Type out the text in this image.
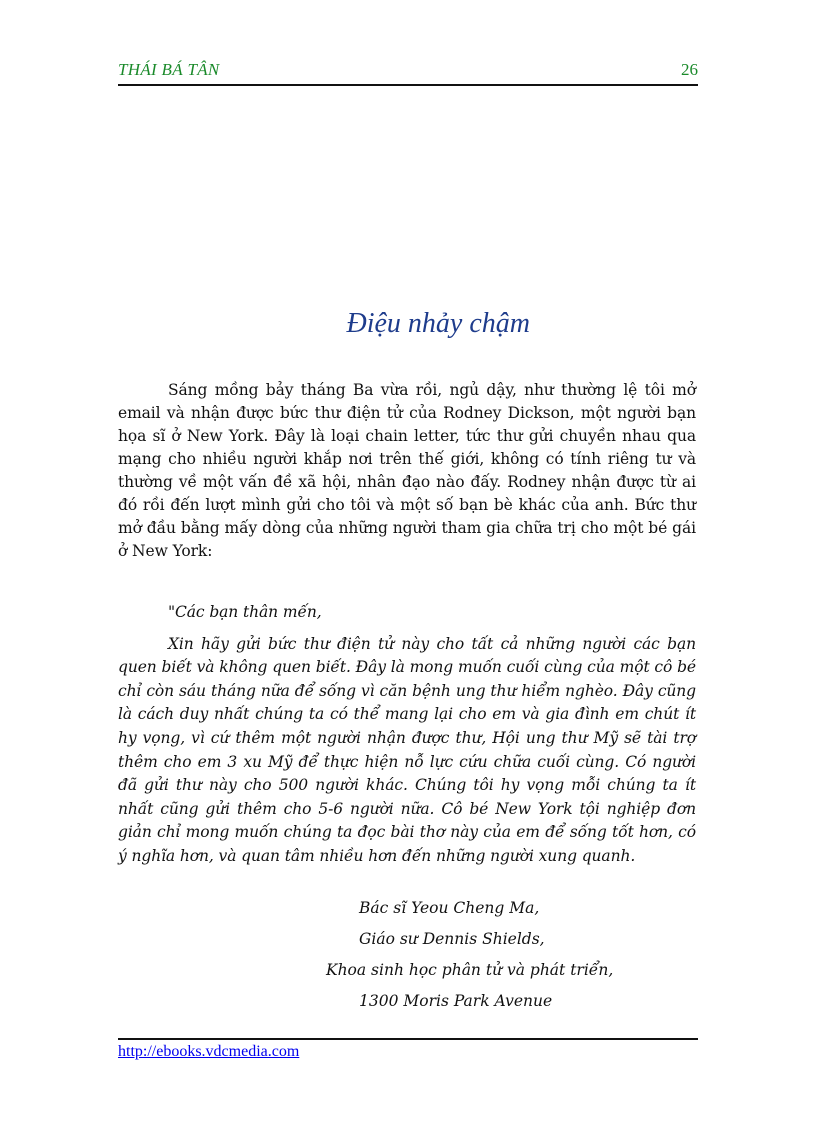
THÁI BÁ TÂN	26
Điệu nhảy chậm

Sáng mồng bảy tháng Ba vừa rồi, ngủ dậy, như thường lệ tôi mở email và nhận được bức thư điện tử của Rodney Dickson, một người bạn họa sĩ ở New York. Đây là loại chain letter, tức thư gửi chuyền nhau qua mạng cho nhiều người khắp nơi trên thế giới, không có tính riêng tư và thường về một vấn đề xã hội, nhân đạo nào đấy. Rodney nhận được từ ai đó rồi đến lượt mình gửi cho tôi và một số bạn bè khác của anh. Bức thư mở đầu bằng mấy dòng của những người tham gia chữa trị cho một bé gái ở New York:

"Các bạn thân mến,

Xin hãy gửi bức thư điện tử này cho tất cả những người các bạn quen biết và không quen biết. Đây là mong muốn cuối cùng của một cô bé chỉ còn sáu tháng nữa để sống vì căn bệnh ung thư hiểm nghèo. Đây cũng là cách duy nhất chúng ta có thể mang lại cho em và gia đình em chút ít hy vọng, vì cứ thêm một người nhận được thư, Hội ung thư Mỹ sẽ tài trợ thêm cho em 3 xu Mỹ để thực hiện nỗ lực cứu chữa cuối cùng. Có người đã gửi thư này cho 500 người khác. Chúng tôi hy vọng mỗi chúng ta ít nhất cũng gửi thêm cho 5-6 người nữa. Cô bé New York tội nghiệp đơn giản chỉ mong muốn chúng ta đọc bài thơ này của em để sống tốt hơn, có ý nghĩa hơn, và quan tâm nhiều hơn đến những người xung quanh.

Bác sĩ Yeou Cheng Ma,
Giáo sư Dennis Shields,
Khoa sinh học phân tử và phát triển,
1300 Moris Park Avenue
http://ebooks.vdcmedia.com
